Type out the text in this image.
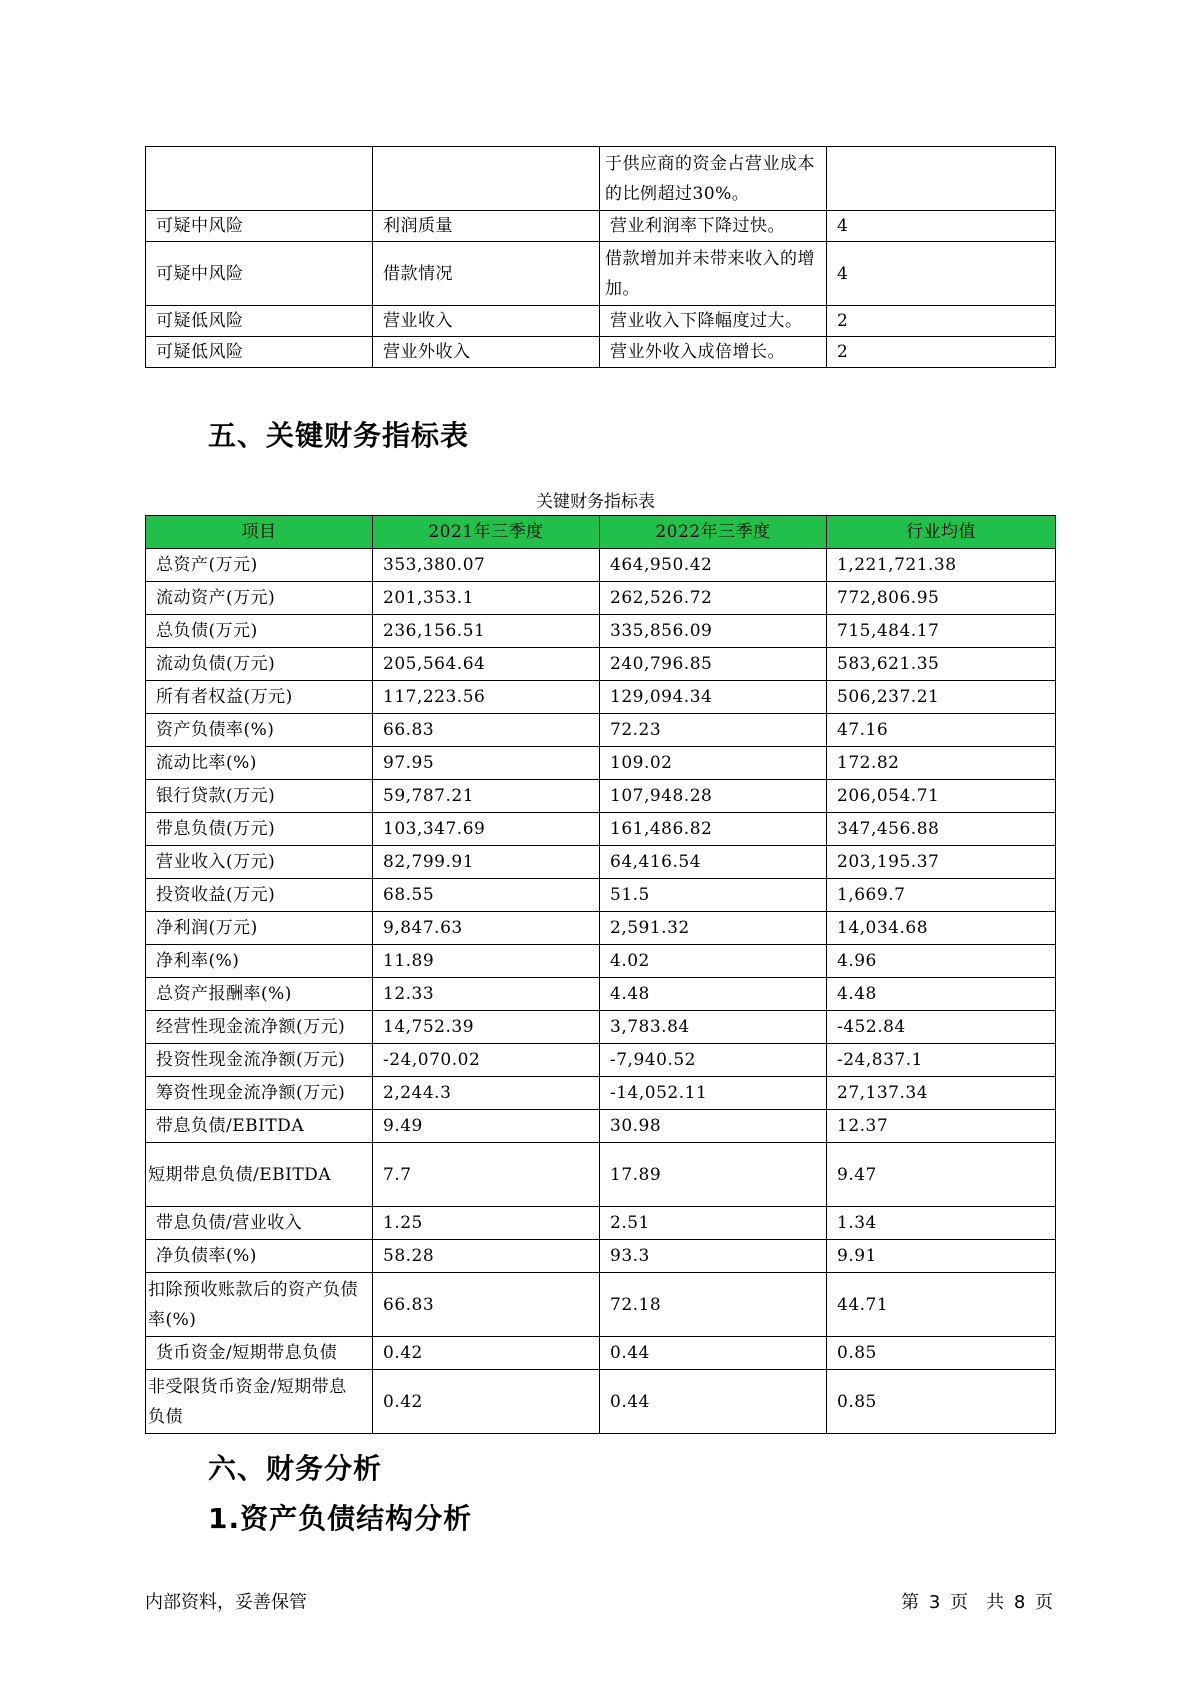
		于供应商的资金占营业成本的比例超过30%。	
可疑中风险	利润质量	营业利润率下降过快。	4
可疑中风险	借款情况	借款增加并未带来收入的增加。	4
可疑低风险	营业收入	营业收入下降幅度过大。	2
可疑低风险	营业外收入	营业外收入成倍增长。	2
五、关键财务指标表
关键财务指标表
项目	2021年三季度	2022年三季度	行业均值
总资产(万元)	353,380.07	464,950.42	1,221,721.38
流动资产(万元)	201,353.1	262,526.72	772,806.95
总负债(万元)	236,156.51	335,856.09	715,484.17
流动负债(万元)	205,564.64	240,796.85	583,621.35
所有者权益(万元)	117,223.56	129,094.34	506,237.21
资产负债率(%)	66.83	72.23	47.16
流动比率(%)	97.95	109.02	172.82
银行贷款(万元)	59,787.21	107,948.28	206,054.71
带息负债(万元)	103,347.69	161,486.82	347,456.88
营业收入(万元)	82,799.91	64,416.54	203,195.37
投资收益(万元)	68.55	51.5	1,669.7
净利润(万元)	9,847.63	2,591.32	14,034.68
净利率(%)	11.89	4.02	4.96
总资产报酬率(%)	12.33	4.48	4.48
经营性现金流净额(万元)	14,752.39	3,783.84	-452.84
投资性现金流净额(万元)	-24,070.02	-7,940.52	-24,837.1
筹资性现金流净额(万元)	2,244.3	-14,052.11	27,137.34
带息负债/EBITDA	9.49	30.98	12.37
短期带息负债/EBITDA	7.7	17.89	9.47
带息负债/营业收入	1.25	2.51	1.34
净负债率(%)	58.28	93.3	9.91
扣除预收账款后的资产负债率(%)	66.83	72.18	44.71
货币资金/短期带息负债	0.42	0.44	0.85
非受限货币资金/短期带息负债	0.42	0.44	0.85
六、财务分析
1.资产负债结构分析
内部资料，妥善保管	第 3 页　共 8 页
